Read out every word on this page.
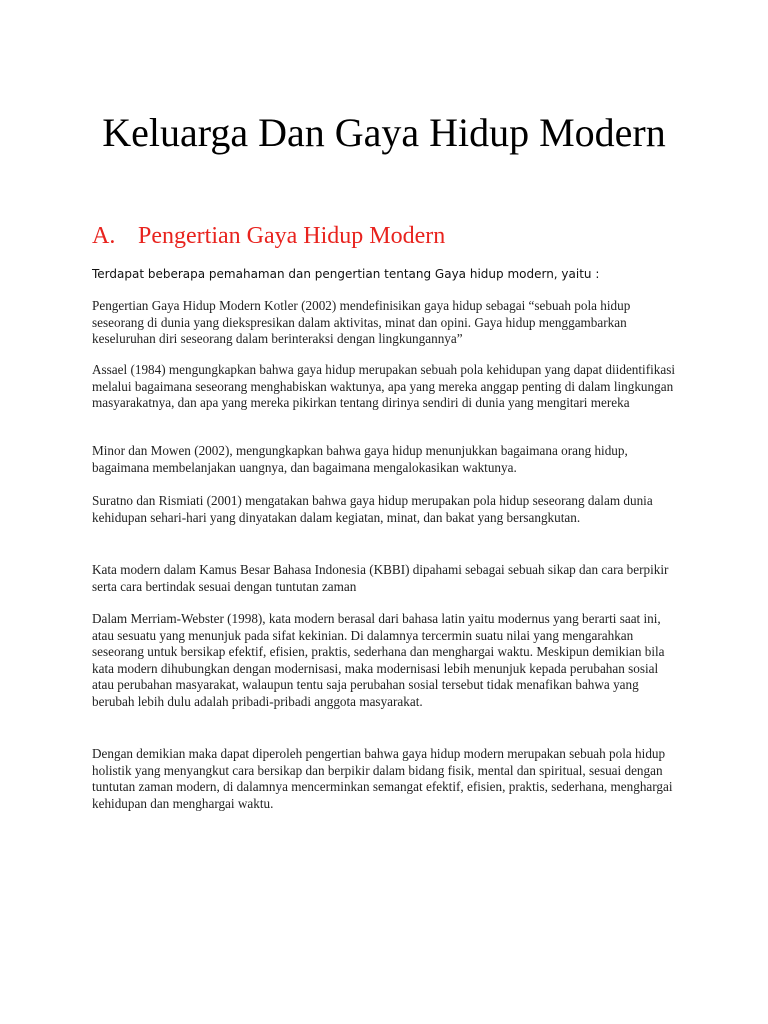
Keluarga Dan Gaya Hidup Modern
A. Pengertian Gaya Hidup Modern

Terdapat beberapa pemahaman dan pengertian tentang Gaya hidup modern, yaitu :

Pengertian Gaya Hidup Modern Kotler (2002) mendefinisikan gaya hidup sebagai “sebuah pola hidup seseorang di dunia yang diekspresikan dalam aktivitas, minat dan opini. Gaya hidup menggambarkan keseluruhan diri seseorang dalam berinteraksi dengan lingkungannya”

Assael (1984) mengungkapkan bahwa gaya hidup merupakan sebuah pola kehidupan yang dapat diidentifikasi melalui bagaimana seseorang menghabiskan waktunya, apa yang mereka anggap penting di dalam lingkungan masyarakatnya, dan apa yang mereka pikirkan tentang dirinya sendiri di dunia yang mengitari mereka

Minor dan Mowen (2002), mengungkapkan bahwa gaya hidup menunjukkan bagaimana orang hidup, bagaimana membelanjakan uangnya, dan bagaimana mengalokasikan waktunya.

Suratno dan Rismiati (2001) mengatakan bahwa gaya hidup merupakan pola hidup seseorang dalam dunia kehidupan sehari-hari yang dinyatakan dalam kegiatan, minat, dan bakat yang bersangkutan.

Kata modern dalam Kamus Besar Bahasa Indonesia (KBBI) dipahami sebagai sebuah sikap dan cara berpikir serta cara bertindak sesuai dengan tuntutan zaman

Dalam Merriam-Webster (1998), kata modern berasal dari bahasa latin yaitu modernus yang berarti saat ini, atau sesuatu yang menunjuk pada sifat kekinian. Di dalamnya tercermin suatu nilai yang mengarahkan seseorang untuk bersikap efektif, efisien, praktis, sederhana dan menghargai waktu. Meskipun demikian bila kata modern dihubungkan dengan modernisasi, maka modernisasi lebih menunjuk kepada perubahan sosial atau perubahan masyarakat, walaupun tentu saja perubahan sosial tersebut tidak menafikan bahwa yang berubah lebih dulu adalah pribadi-pribadi anggota masyarakat.

Dengan demikian maka dapat diperoleh pengertian bahwa gaya hidup modern merupakan sebuah pola hidup holistik yang menyangkut cara bersikap dan berpikir dalam bidang fisik, mental dan spiritual, sesuai dengan tuntutan zaman modern, di dalamnya mencerminkan semangat efektif, efisien, praktis, sederhana, menghargai kehidupan dan menghargai waktu.
